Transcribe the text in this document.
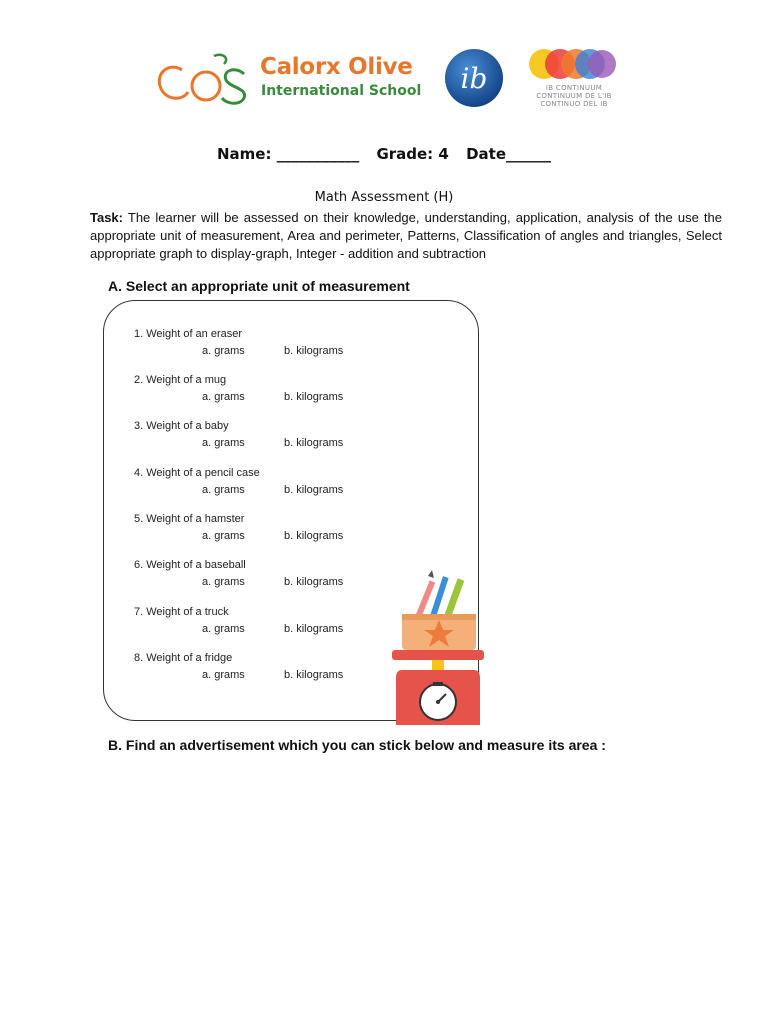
Calorx Olive
International School ib	IB CONTINUUM
CONTINUUM DE L'IB
CONTINUO DEL IB
Name: ___________ Grade: 4 Date______
Math Assessment (H)
Task: The learner will be assessed on their knowledge, understanding, application, analysis of the use the appropriate unit of measurement, Area and perimeter, Patterns, Classification of angles and triangles, Select appropriate graph to display-graph, Integer - addition and subtraction
A. Select an appropriate unit of measurement
1. Weight of an eraser
a. grams	b. kilograms
2. Weight of a mug
a. grams	b. kilograms
3. Weight of a baby
a. grams	b. kilograms
4. Weight of a pencil case
a. grams	b. kilograms
5. Weight of a hamster
a. grams	b. kilograms
6. Weight of a baseball
a. grams	b. kilograms
7. Weight of a truck
a. grams	b. kilograms
8. Weight of a fridge
a. grams	b. kilograms
B. Find an advertisement which you can stick below and measure its area :
